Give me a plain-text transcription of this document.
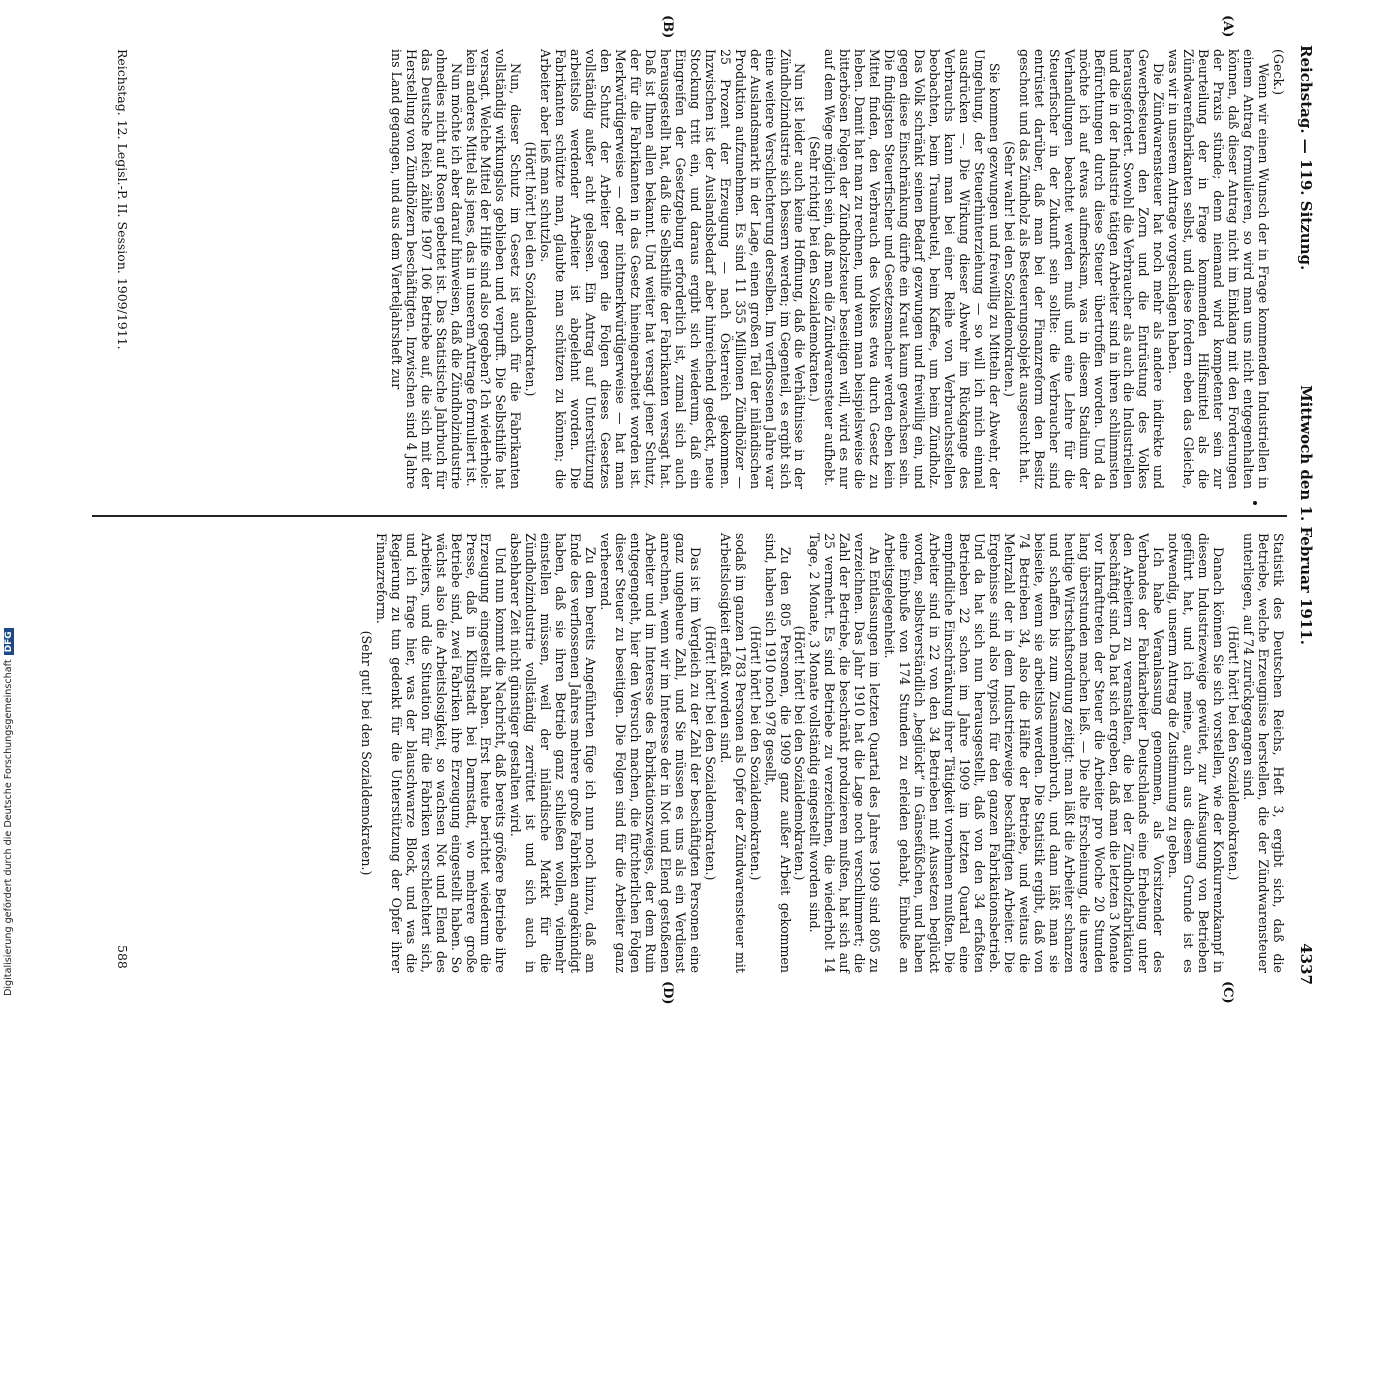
Reichstag. — 119. Sitzung.
Mittwoch den 1. Februar 1911.
4337
(A)
(B)
(C)
(D)

(Geck.)

Wenn wir einen Wunsch der in Frage kommenden Industriellen in einem Antrag formulieren, so wird man uns nicht entgegenhalten können, daß dieser Antrag nicht im Einklang mit den Forderungen der Praxis stünde; denn niemand wird kompetenter sein zur Beurteilung der in Frage kommenden Hilfsmittel als die Zündwarenfabrikanten selbst, und diese fordern eben das Gleiche, was wir in unserem Antrage vorgeschlagen haben.

Die Zündwarensteuer hat noch mehr als andere indirekte und Gewerbesteuern den Zorn und die Entrüstung des Volkes herausgefordert. Sowohl die Verbraucher als auch die Industriellen und die in der Industrie tätigen Arbeiter sind in ihren schlimmsten Befürchtungen durch diese Steuer übertroffen worden. Und da möchte ich auf etwas aufmerksam, was in diesem Stadium der Verhandlungen beachtet werden muß und eine Lehre für die Steuerfischer in der Zukunft sein sollte: die Verbraucher sind entrüstet darüber, daß man bei der Finanzreform den Besitz geschont und das Zündholz als Besteuerungsobjekt ausgesucht hat.

(Sehr wahr! bei den Sozialdemokraten.)

Sie kommen gezwungen und freiwillig zu Mitteln der Abwehr, der Umgehung, der Steuerhinterziehung — so will ich mich einmal ausdrücken —. Die Wirkung dieser Abwehr im Rückgange des Verbrauchs kann man bei einer Reihe von Verbrauchsstellen beobachten, beim Traumbeutel, beim Kaffee, um beim Zündholz. Das Volk schränkt seinen Bedarf gezwungen und freiwillig ein, und gegen diese Einschränkung dürfte ein Kraut kaum gewachsen sein. Die findigsten Steuerfischer und Gesetzesmacher werden eben kein Mittel finden, den Verbrauch des Volkes etwa durch Gesetz zu heben. Damit hat man zu rechnen, und wenn man beispielsweise die bitterbösen Folgen der Zündholzsteuer beseitigen will, wird es nur auf dem Wege möglich sein, daß man die Zündwarensteuer aufhebt.

(Sehr richtig! bei den Sozialdemokraten.)

Nun ist leider auch keine Hoffnung, daß die Verhältnisse in der Zündholzindustrie sich bessern werden; im Gegenteil, es ergibt sich eine weitere Verschlechterung derselben. Im verflossenen Jahre war der Auslandsmarkt in der Lage, einen großen Teil der inländischen Produktion aufzunehmen. Es sind 11 355 Millionen Zündhölzer — 25 Prozent der Erzeugung — nach Österreich gekommen. Inzwischen ist der Auslandsbedarf aber hinreichend gedeckt, neue Stockung tritt ein, und daraus ergibt sich wiederum, daß ein Eingreifen der Gesetzgebung erforderlich ist, zumal sich auch herausgestellt hat, daß die Selbsthilfe der Fabrikanten versagt hat. Daß ist Ihnen allen bekannt. Und weiter hat versagt jener Schutz, der für die Fabrikanten in das Gesetz hineingearbeitet worden ist. Merkwürdigerweise — oder nichtmerkwürdigerweise — hat man den Schutz der Arbeiter gegen die Folgen dieses Gesetzes vollständig außer acht gelassen. Ein Antrag auf Unterstützung arbeitslos werdender Arbeiter ist abgelehnt worden. Die Fabrikanten schützte man, glaubte man schützen zu können; die Arbeiter aber ließ man schutzlos.

(Hört! hört! bei den Sozialdemokraten.)

Nun, dieser Schutz im Gesetz ist auch für die Fabrikanten vollständig wirkungslos geblieben und verpufft. Die Selbsthilfe hat versagt. Welche Mittel der Hilfe sind also gegeben? Ich wiederhole: kein anderes Mittel als jenes, das in unserem Antrage formuliert ist.

Nun möchte ich aber darauf hinweisen, daß die Zündholzindustrie ohnedies nicht auf Rosen gebettet ist. Das Statistische Jahrbuch für das Deutsche Reich zählte 1907 106 Betriebe auf, die sich mit der Herstellung von Zündhölzern beschäftigten. Inzwischen sind 4 Jahre ins Land gegangen, und aus dem Vierteljahrsheft zur

Statistik des Deutschen Reichs, Heft 3, ergibt sich, daß die Betriebe, welche Erzeugnisse herstellen, die der Zündwarensteuer unterliegen, auf 74 zurückgegangen sind.

(Hört! hört! bei den Sozialdemokraten.)

Danach können Sie sich vorstellen, wie der Konkurrenzkampf in diesem Industriezweige gewütet, zur Aufsaugung von Betrieben geführt hat, und ich meine, auch aus diesem Grunde ist es notwendig, unserm Antrag die Zustimmung zu geben.

Ich habe Veranlassung genommen, als Vorsitzender des Verbandes der Fabrikarbeiter Deutschlands eine Erhebung unter den Arbeitern zu veranstalten, die bei der Zündholzfabrikation beschäftigt sind. Da hat sich ergeben, daß man die letzten 3 Monate vor Inkrafttreten der Steuer die Arbeiter pro Woche 20 Stunden lang überstunden machen ließ. — Die alte Erscheinung, die unsere heutige Wirtschaftsordnung zeitigt: man läßt die Arbeiter schanzen und schaffen bis zum Zusammenbruch, und dann läßt man sie beiseite, wenn sie arbeitslos werden. Die Statistik ergibt, daß von 74 Betrieben 34, also die Hälfte der Betriebe, und weitaus die Mehrzahl der in dem Industriezweige beschäftigten Arbeiter. Die Ergebnisse sind also typisch für den ganzen Fabrikationsbetrieb. Und da hat sich nun herausgestellt, daß von den 34 erfaßten Betrieben 22 schon im Jahre 1909 im letzten Quartal eine empfindliche Einschränkung ihrer Tätigkeit vornehmen mußten. Die Arbeiter sind in 22 von den 34 Betrieben mit Aussetzen beglückt worden, selbstverständlich „beglückt“ in Gänsefüßchen, und haben eine Einbuße von 174 Stunden zu erleiden gehabt, Einbuße an Arbeitsgelegenheit.

An Entlassungen im letzten Quartal des Jahres 1909 sind 805 zu verzeichnen. Das Jahr 1910 hat die Lage noch verschlimmert; die Zahl der Betriebe, die beschränkt produzieren mußten, hat sich auf 25 vermehrt. Es sind Betriebe zu verzeichnen, die wiederholt 14 Tage, 2 Monate, 3 Monate vollständig eingestellt worden sind.

(Hört! hört! bei den Sozialdemokraten.)

Zu den 805 Personen, die 1909 ganz außer Arbeit gekommen sind, haben sich 1910 noch 978 gesellt,

(Hört! hört! bei den Sozialdemokraten.)

sodaß im ganzen 1783 Personen als Opfer der Zündwarensteuer mit Arbeitslosigkeit erfaßt worden sind.

(Hört! hört! bei den Sozialdemokraten.)

Das ist im Vergleich zu der Zahl der beschäftigten Personen eine ganz ungeheure Zahl, und Sie müssen es uns als ein Verdienst anrechnen, wenn wir im Interesse der in Not und Elend gestoßenen Arbeiter und im Interesse des Fabrikationszweiges, der dem Ruin entgegengeht, hier den Versuch machen, die fürchterlichen Folgen dieser Steuer zu beseitigen. Die Folgen sind für die Arbeiter ganz verheerend.

Zu dem bereits Angeführten füge ich nun noch hinzu, daß am Ende des verflossenen Jahres mehrere große Fabriken angekündigt haben, daß sie ihren Betrieb ganz schließen wollen, vielmehr einstellen müssen, weil der inländische Markt für die Zündholzindustrie vollständig zerrüttet ist und sich auch in absehbarer Zeit nicht günstiger gestalten wird.

Und nun kommt die Nachricht, daß bereits größere Betriebe ihre Erzeugung eingestellt haben. Erst heute berichtet wiederum die Presse, daß in Klingstadt bei Darmstadt, wo mehrere große Betriebe sind, zwei Fabriken ihre Erzeugung eingestellt haben. So wächst also die Arbeitslosigkeit, so wachsen Not und Elend des Arbeiters, und die Situation für die Fabriken verschlechtert sich, und ich frage hier, was der blauschwarze Block, und was die Regierung zu tun gedenkt für die Unterstützung der Opfer ihrer Finanzreform.

(Sehr gut! bei den Sozialdemokraten.)

Reichstag. 12. Legisl.-P. II. Session. 1909/1911.
588
Digitalisierung gefördert durch die Deutsche ForschungsgemeinschaftDFG
